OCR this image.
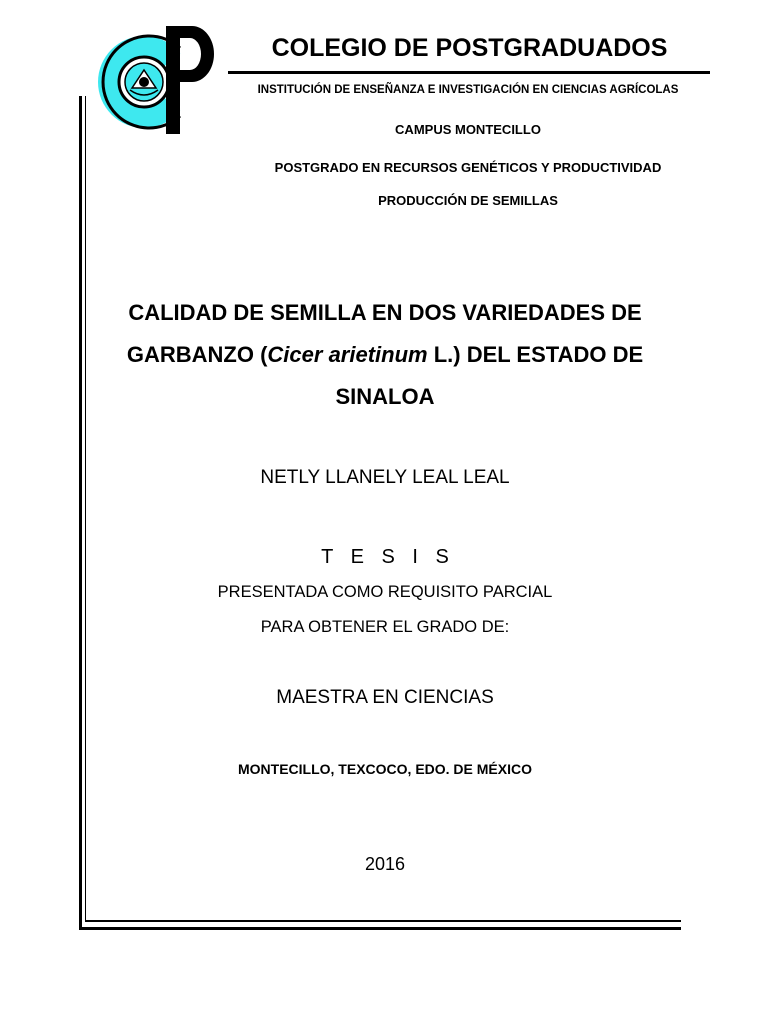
COLEGIO DE POSTGRADUADOS
INSTITUCIÓN DE ENSEÑANZA E INVESTIGACIÓN EN CIENCIAS AGRÍCOLAS
CAMPUS MONTECILLO
POSTGRADO EN RECURSOS GENÉTICOS Y PRODUCTIVIDAD
PRODUCCIÓN DE SEMILLAS
CALIDAD DE SEMILLA EN DOS VARIEDADES DE
GARBANZO (Cicer arietinum L.) DEL ESTADO DE
SINALOA
NETLY LLANELY LEAL LEAL
T E S I S
PRESENTADA COMO REQUISITO PARCIAL
PARA OBTENER EL GRADO DE:
MAESTRA EN CIENCIAS
MONTECILLO, TEXCOCO, EDO. DE MÉXICO
2016
